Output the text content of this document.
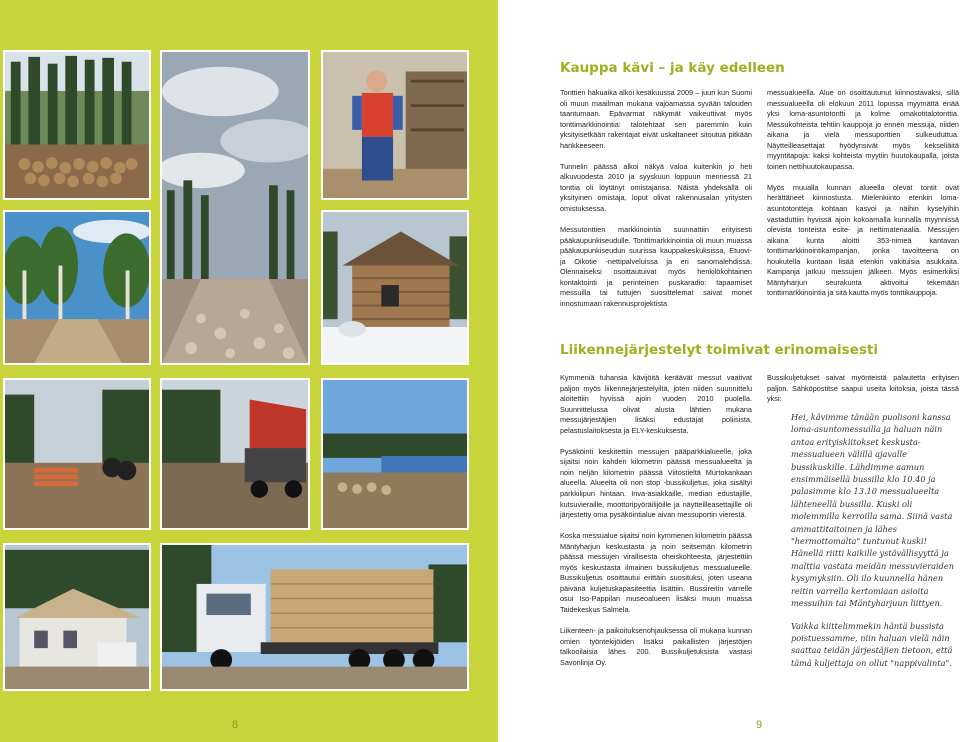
8
Kauppa kävi – ja käy edelleen

Tonttien hakuaika alkoi kesäkuussa 2009 – juuri kun Suomi oli muun maailman mukana vajoamassa syvään talouden taantumaan. Epävarmat näkymät vaikeuttivat myös tonttimarkkinointia: talotehtaat sen paremmin kuin yksityisetkään rakentajat eivät uskaltaneet sitoutua pitkään hankkeeseen.

Tunnelin päässä alkoi näkyä valoa kuitenkin jo heti alkuvuodesta 2010 ja syyskuun loppuun mennessä 21 tonttia oli löytänyt omistajansa. Näistä yhdeksällä oli yksityinen omistaja, loput olivat rakennusalan yritysten omistuksessa.

Messutonttien markkinointia suunnattiin erityisesti pääkaupunkiseudulle. Tonttimarkkinointia oli muun muassa pääkaupunkiseudun suurissa kauppakeskuksissa, Etuovi- ja Oikotie -nettipalveluissa ja eri sanomalehdissä. Olennaiseksi osoittautuivat myös henkilökohtainen kontaktointi ja perinteinen puskaradio: tapaamiset messuilla tai tuttujen suosittelemat saivat monet innostumaan rakennusprojektista

messualueella. Alue on osoittautunut kiinnostavaksi, sillä messualueella oli elokuun 2011 lopussa myymättä enää yksi loma-asuntotontti ja kolme omakotitalotonttia. Messukohteista tehtiin kauppoja jo ennen messuja, niiden aikana ja vielä messuporttien sulkeuduttua. Näytteilleasettajat hyödynsivät myös kekseliäitä myyntitapoja: kaksi kohteista myytiin huutokaupalla, joista toinen nettihuutokaupassa.

Myös muualla kunnan alueella olevat tontit ovat herättäneet kiinnostusta. Mielenkiinto etenkin loma-asuntotontteja kohtaan kasvoi ja näihin kyselyihin vastaduttiin hyvissä ajoin kokoamalla kunnalla myynnissä olevista tonteista esite- ja nettimateriaalia. Messujen aikana kunta aloitti 353-nimeä kantavan tonttimarkkinointikampanjan, jonka tavoitteena on houkutella kuntaan lisää etenkin vakituisia asukkaita. Kampanja jatkuu messujen jälkeen. Myös esimerkiksi Mäntyharjun seurakunta aktivoitui tekemään tonttimarkkinointia ja sitä kautta myös tonttikauppoja.

Liikennejärjestelyt toimivat erinomaisesti

Kymmeniä tuhansia kävijöitä keräävät messut vaativat paljon myös liikennejärjestelyiltä, joten niiden suunnittelu aloitettiin hyvissä ajoin vuoden 2010 puolella. Suunnittelussa olivat alusta lähtien mukana messujärjestäjien lisäksi edustajat poliisista, pelastuslaitoksesta ja ELY-keskuksesta.

Pysäköinti keskitettiin messujen pääparkkialueelle, joka sijaitsi noin kahden kilometrin päässä messualueelta ja noin neljän kilometrin päässä Viitostieltä Murtokankaan alueella. Alueelta oli non stop -bussikuljetus, joka sisältyi parkkilipun hintaan. Inva-asiakkaille, median edustajille, kutsuvieraille, moottoripyöräilijöille ja näytteilleasettajille oli järjestetty oma pysäköintialue aivan messuportin vierestä.

Koska messualue sijaitsi noin kymmenen kilometrin päässä Mäntyharjun keskustasta ja noin seitsemän kilometrin päässä messujen virallisesta oheiskohteesta, järjestettiin myös keskustasta ilmainen bussikuljetus messualueelle. Bussikuljetus osoittautui erittäin suosituksi, joten useana päivänä kuljetuskapasiteettia lisättiin. Bussireitin varrelle osui Iso-Pappilan museoalueen lisäksi muun muassa Taidekeskus Salmela.

Liikenteen- ja paikoituksenohjauksessa oli mukana kunnan omien työntekijöiden lisäksi paikallisten järjestöjen talkooilaisia lähes 200. Bussikuljetuksista vastasi Savonlinja Oy.

Bussikuljetukset saivat myönteistä palautetta erityisen paljon. Sähköpostitse saapui useita kiitoksia, joista tässä yksi:

Hei, kävimme tänään puolisoni kanssa loma-asuntomessuilla ja haluan näin antaa erityiskiitokset keskusta-messualueen välillä ajavalle bussikuskille. Lähdimme aamun ensimmäisellä bussilla klo 10.40 ja palasimme klo 13.10 messualueelta lähteneellä bussilla. Kuski oli molemmilla kerroilla sama. Siinä vasta ammattitaitoinen ja lähes "hermottomalta" tuntunut kuski! Hänellä riitti kaikille ystävällisyyttä ja malttia vastata meidän messuvieraiden kysymyksiin. Oli ilo kuunnella hänen reitin varrella kertomiaan asioita messuihin tai Mäntyharjuun liittyen.

Vaikka kiittelimmekin häntä bussista poistuessamme, niin haluan vielä näin saattaa teidän järjestäjien tietoon, että tämä kuljettaja on ollut "nappivalinta".

9
